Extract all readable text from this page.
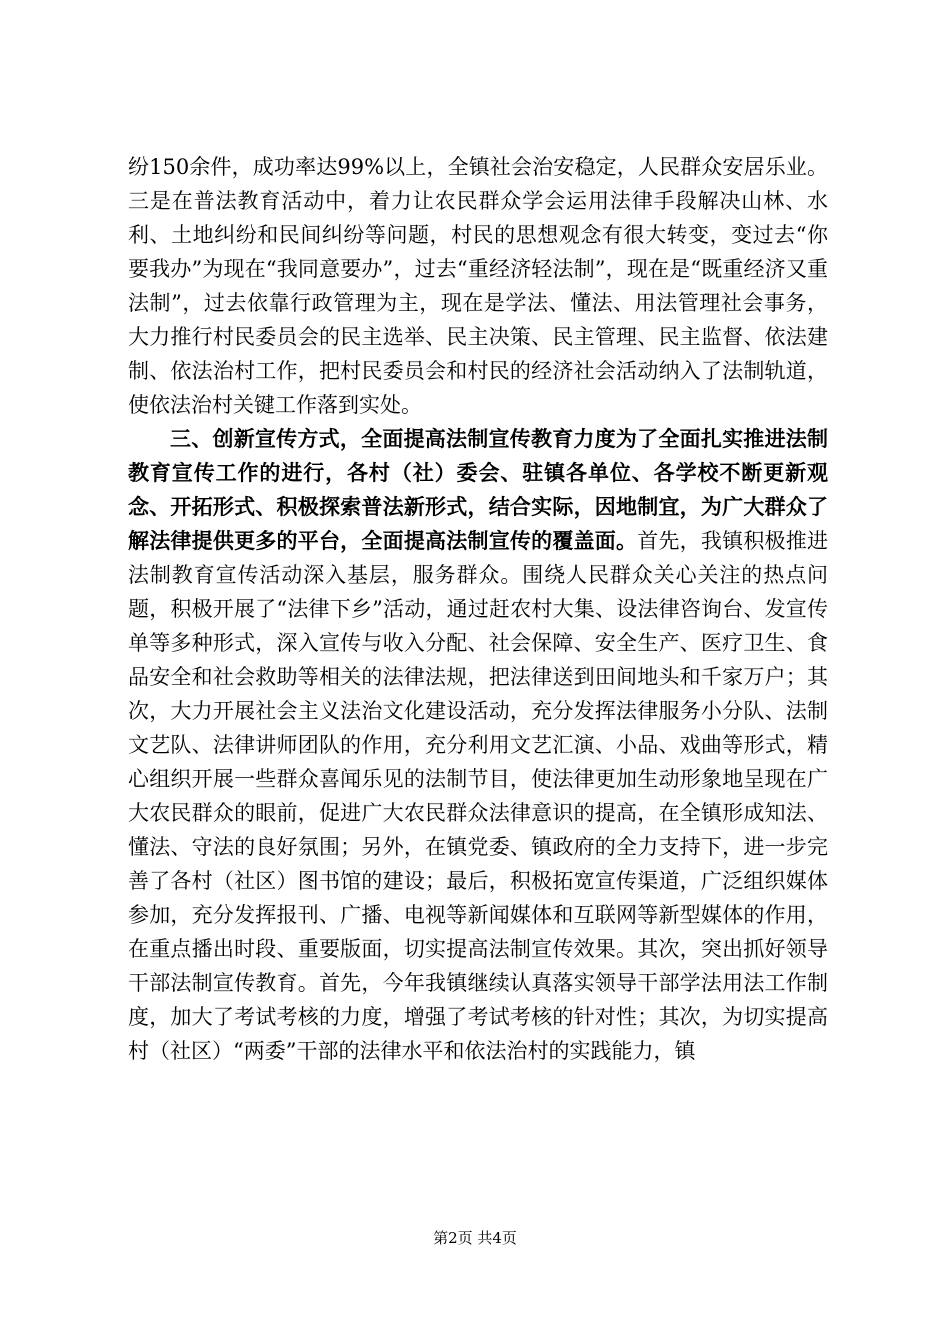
纷150余件，成功率达99%以上，全镇社会治安稳定，人民群众安居乐业。三是在普法教育活动中，着力让农民群众学会运用法律手段解决山林、水利、土地纠纷和民间纠纷等问题，村民的思想观念有很大转变，变过去“你要我办”为现在“我同意要办”，过去“重经济轻法制”，现在是“既重经济又重法制”，过去依靠行政管理为主，现在是学法、懂法、用法管理社会事务，大力推行村民委员会的民主选举、民主决策、民主管理、民主监督、依法建制、依法治村工作，把村民委员会和村民的经济社会活动纳入了法制轨道，使依法治村关键工作落到实处。

三、创新宣传方式，全面提高法制宣传教育力度为了全面扎实推进法制教育宣传工作的进行，各村（社）委会、驻镇各单位、各学校不断更新观念、开拓形式、积极探索普法新形式，结合实际，因地制宜，为广大群众了解法律提供更多的平台，全面提高法制宣传的覆盖面。首先，我镇积极推进法制教育宣传活动深入基层，服务群众。围绕人民群众关心关注的热点问题，积极开展了“法律下乡”活动，通过赶农村大集、设法律咨询台、发宣传单等多种形式，深入宣传与收入分配、社会保障、安全生产、医疗卫生、食品安全和社会救助等相关的法律法规，把法律送到田间地头和千家万户；其次，大力开展社会主义法治文化建设活动，充分发挥法律服务小分队、法制文艺队、法律讲师团队的作用，充分利用文艺汇演、小品、戏曲等形式，精心组织开展一些群众喜闻乐见的法制节目，使法律更加生动形象地呈现在广大农民群众的眼前，促进广大农民群众法律意识的提高，在全镇形成知法、懂法、守法的良好氛围；另外，在镇党委、镇政府的全力支持下，进一步完善了各村（社区）图书馆的建设；最后，积极拓宽宣传渠道，广泛组织媒体参加，充分发挥报刊、广播、电视等新闻媒体和互联网等新型媒体的作用，在重点播出时段、重要版面，切实提高法制宣传效果。其次，突出抓好领导干部法制宣传教育。首先，今年我镇继续认真落实领导干部学法用法工作制度，加大了考试考核的力度，增强了考试考核的针对性；其次，为切实提高村（社区）“两委”干部的法律水平和依法治村的实践能力，镇

第2页 共4页
